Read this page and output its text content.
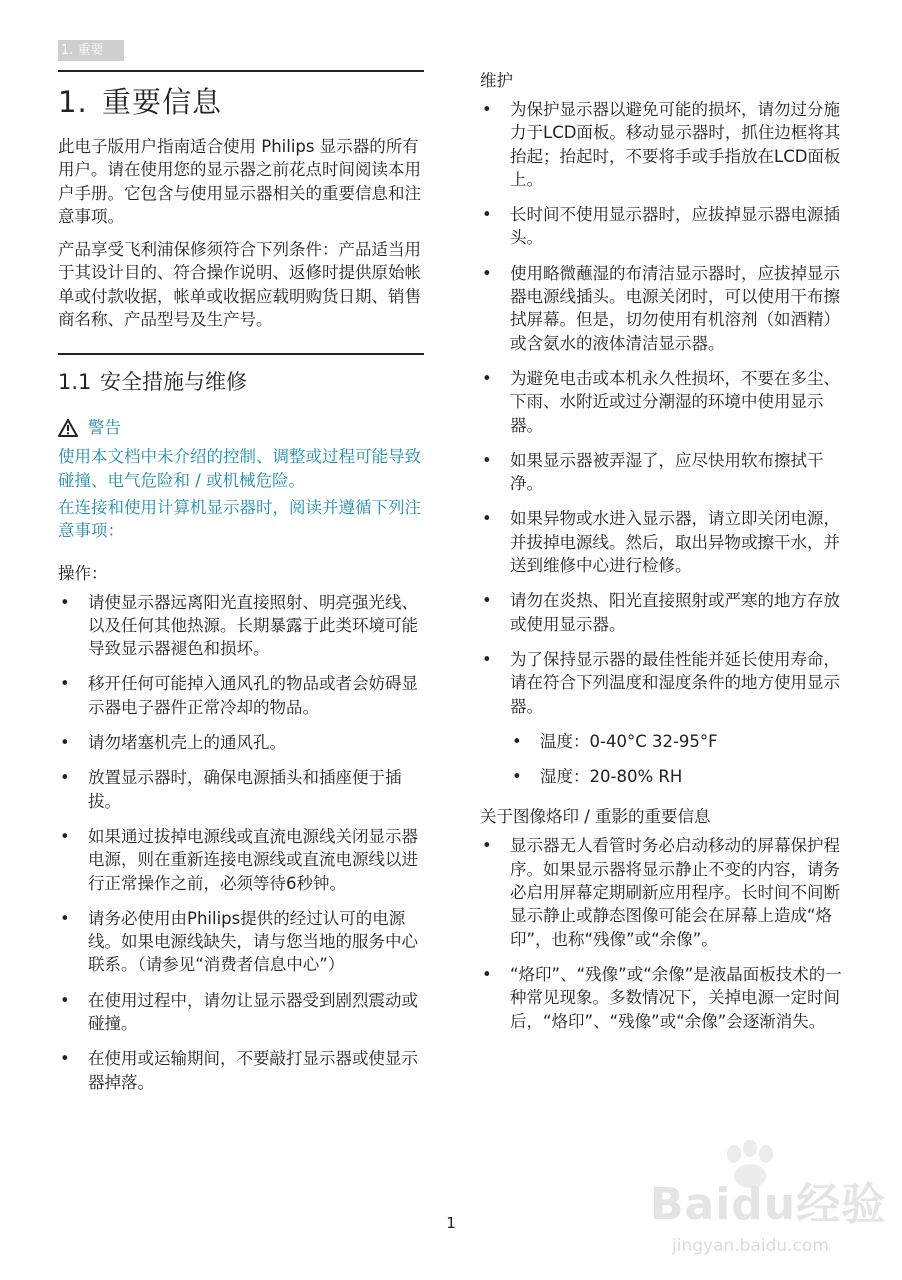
1. 重要
1. 重要信息

此电子版用户指南适合使用 Philips 显示器的所有用户。请在使用您的显示器之前花点时间阅读本用户手册。它包含与使用显示器相关的重要信息和注意事项。

产品享受飞利浦保修须符合下列条件：产品适当用于其设计目的、符合操作说明、返修时提供原始帐单或付款收据，帐单或收据应载明购货日期、销售商名称、产品型号及生产号。

1.1 安全措施与维修
警告

使用本文档中未介绍的控制、调整或过程可能导致碰撞、电气危险和 / 或机械危险。

在连接和使用计算机显示器时，阅读并遵循下列注意事项：

操作：
• 请使显示器远离阳光直接照射、明亮强光线、以及任何其他热源。长期暴露于此类环境可能导致显示器褪色和损坏。
• 移开任何可能掉入通风孔的物品或者会妨碍显示器电子器件正常冷却的物品。
• 请勿堵塞机壳上的通风孔。
• 放置显示器时，确保电源插头和插座便于插拔。
• 如果通过拔掉电源线或直流电源线关闭显示器电源，则在重新连接电源线或直流电源线以进行正常操作之前，必须等待6秒钟。
• 请务必使用由Philips提供的经过认可的电源线。如果电源线缺失，请与您当地的服务中心联系。（请参见“消费者信息中心”）
• 在使用过程中，请勿让显示器受到剧烈震动或碰撞。
• 在使用或运输期间，不要敲打显示器或使显示器掉落。
维护
• 为保护显示器以避免可能的损坏，请勿过分施力于LCD面板。移动显示器时，抓住边框将其抬起；抬起时，不要将手或手指放在LCD面板上。
• 长时间不使用显示器时，应拔掉显示器电源插头。
• 使用略微蘸湿的布清洁显示器时，应拔掉显示器电源线插头。电源关闭时，可以使用干布擦拭屏幕。但是，切勿使用有机溶剂（如酒精）或含氨水的液体清洁显示器。
• 为避免电击或本机永久性损坏，不要在多尘、下雨、水附近或过分潮湿的环境中使用显示器。
• 如果显示器被弄湿了，应尽快用软布擦拭干净。
• 如果异物或水进入显示器，请立即关闭电源，并拔掉电源线。然后，取出异物或擦干水，并送到维修中心进行检修。
• 请勿在炎热、阳光直接照射或严寒的地方存放或使用显示器。
• 为了保持显示器的最佳性能并延长使用寿命，请在符合下列温度和湿度条件的地方使用显示器。
• 温度：0-40°C 32-95°F
• 湿度：20-80% RH
关于图像烙印 / 重影的重要信息
• 显示器无人看管时务必启动移动的屏幕保护程序。如果显示器将显示静止不变的内容，请务必启用屏幕定期刷新应用程序。长时间不间断显示静止或静态图像可能会在屏幕上造成“烙印”，也称“残像”或“余像”。
• “烙印”、“残像”或“余像”是液晶面板技术的一种常见现象。多数情况下，关掉电源一定时间后，“烙印”、“残像”或“余像”会逐渐消失。
1	Baidu经验
jingyan.baidu.com
